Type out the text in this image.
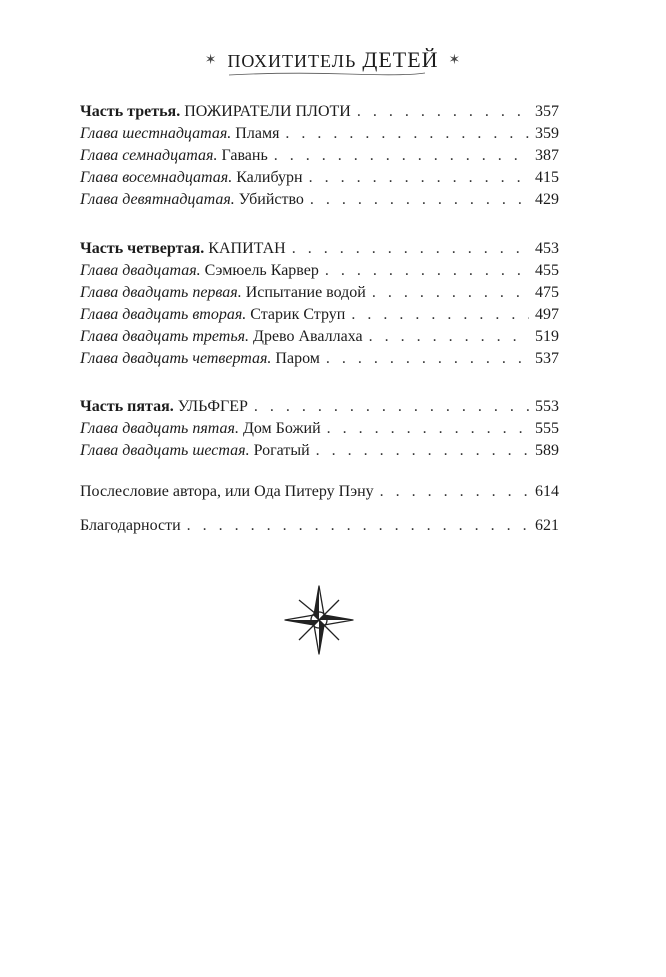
✶ ПОХИТИТЕЛЬ ДЕТЕЙ ✶
Часть третья. ПОЖИРАТЕЛИ ПЛОТИ . . .	357
Глава шестнадцатая. Пламя . . .	359
Глава семнадцатая. Гавань . . .	387
Глава восемнадцатая. Калибурн . . .	415
Глава девятнадцатая. Убийство . . .	429
Часть четвертая. КАПИТАН . . .	453
Глава двадцатая. Сэмюель Карвер . . .	455
Глава двадцать первая. Испытание водой . . .	475
Глава двадцать вторая. Старик Струп . . .	497
Глава двадцать третья. Древо Аваллаха . . .	519
Глава двадцать четвертая. Паром . . .	537
Часть пятая. УЛЬФГЕР . . .	553
Глава двадцать пятая. Дом Божий . . .	555
Глава двадцать шестая. Рогатый . . .	589
Послесловие автора, или Ода Питеру Пэну . . .	614
Благодарности . . .	621
